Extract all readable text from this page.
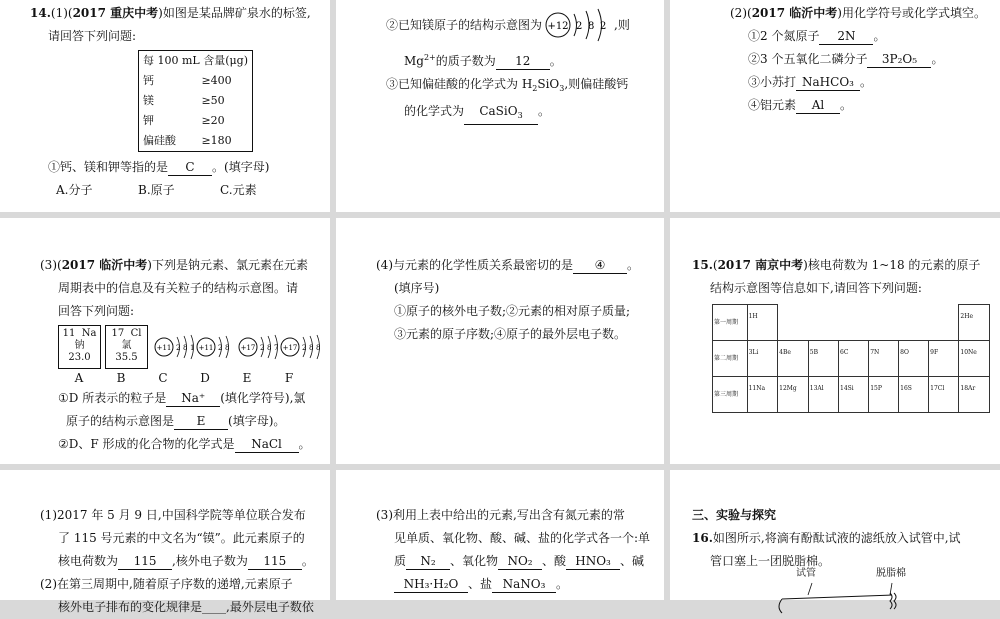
14.(1)(2017 重庆中考)如图是某品牌矿泉水的标签,
请回答下列问题:
每 100 mL 含量(μg)	
钙	≥400
镁	≥50
钾	≥20
偏硅酸	≥180
①钙、镁和钾等指的是 C 。(填字母)
A.分子	B.原子	C.元素
②已知镁原子的结构示意图为 +12 2 8 2 ,则
$Mg^{2+}$的质子数为 12 。
③已知偏硅酸的化学式为 $H_2SiO_3$,则偏硅酸钙
的化学式为 CaSiO$_3$ 。
(2)(2017 临沂中考)用化学符号或化学式填空。
①2 个氮原子 2N 。
②3 个五氧化二磷分子 3P₂O₅ 。
③小苏打 NaHCO₃ 。
④铝元素 Al 。
(3)(2017 临沂中考)下列是钠元素、氯元素在元素
周期表中的信息及有关粒子的结构示意图。请
回答下列问题:
11 Na
钠
23.0
17 Cl
氯
35.5
+11 2 8 1 +11 2 8 +17 2 8 7 +17 2 8 8
A	B	C	D	E	F
①D 所表示的粒子是 Na⁺ (填化学符号),氯
原子的结构示意图是 E (填字母)。
②D、F 形成的化合物的化学式是 NaCl 。
(4)与元素的化学性质关系最密切的是 ④ 。
(填序号)
①原子的核外电子数;②元素的相对原子质量;
③元素的原子序数;④原子的最外层电子数。
15.(2017 南京中考)核电荷数为 1~18 的元素的原子
结构示意图等信息如下,请回答下列问题:
第一周期	1H							2He
第二周期	3Li	4Be	5B	6C	7N	8O	9F	10Ne
第三周期	11Na	12Mg	13Al	14Si	15P	16S	17Cl	18Ar
(1)2017 年 5 月 9 日,中国科学院等单位联合发布
了 115 号元素的中文名为“镆”。此元素原子的
核电荷数为 115 ,核外电子数为 115 。
(2)在第三周期中,随着原子序数的递增,元素原子
核外电子排布的变化规律是____,最外层电子数依
(3)利用上表中给出的元素,写出含有氮元素的常
见单质、氧化物、酸、碱、盐的化学式各一个:单
质 N₂ 、氧化物 NO₂ 、酸 HNO₃ 、碱
NH₃·H₂O 、盐 NaNO₃ 。
三、实验与探究
16.如图所示,将滴有酚酞试液的滤纸放入试管中,试
管口塞上一团脱脂棉。
试管	脱脂棉
